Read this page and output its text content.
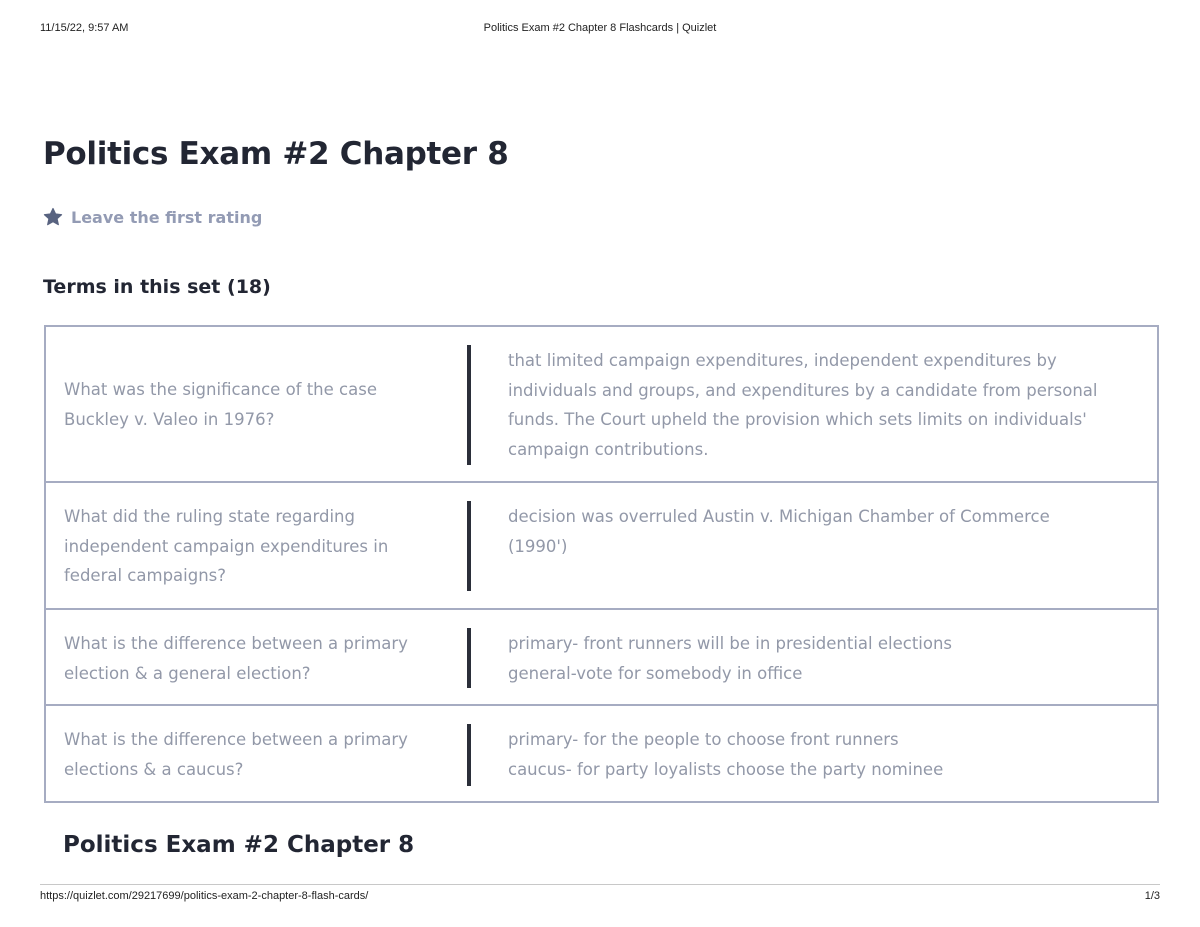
11/15/22, 9:57 AM	Politics Exam #2 Chapter 8 Flashcards | Quizlet
Politics Exam #2 Chapter 8
Leave the first rating
Terms in this set (18)
What was the significance of the case
Buckley v. Valeo in 1976?
that limited campaign expenditures, independent expenditures by
individuals and groups, and expenditures by a candidate from personal
funds. The Court upheld the provision which sets limits on individuals'
campaign contributions.
What did the ruling state regarding
independent campaign expenditures in
federal campaigns?
decision was overruled Austin v. Michigan Chamber of Commerce
(1990')
What is the difference between a primary
election & a general election?
primary- front runners will be in presidential elections
general-vote for somebody in office
What is the difference between a primary
elections & a caucus?
primary- for the people to choose front runners
caucus- for party loyalists choose the party nominee
Politics Exam #2 Chapter 8
https://quizlet.com/29217699/politics-exam-2-chapter-8-flash-cards/	1/3
